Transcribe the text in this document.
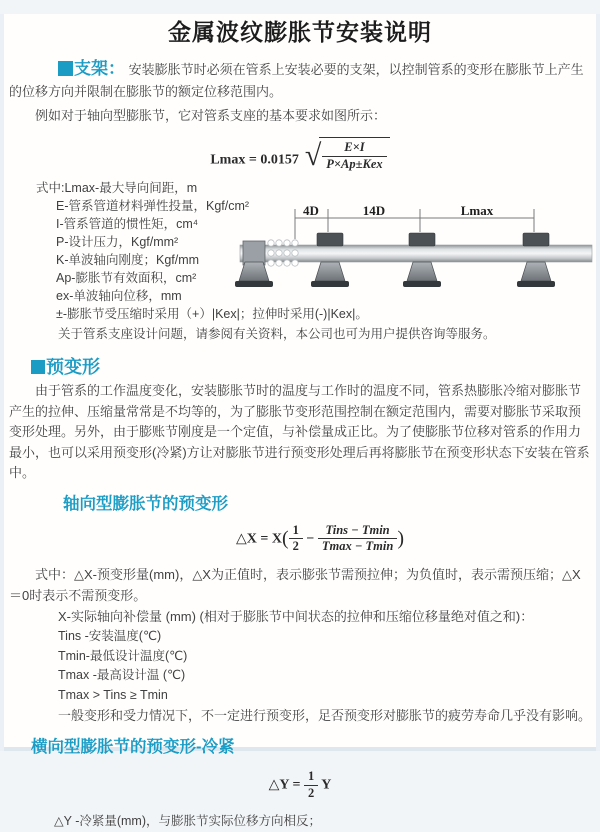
金属波纹膨胀节安装说明

支架： 安装膨胀节时必须在管系上安装必要的支架，以控制管系的变形在膨胀节上产生的位移方向并限制在膨胀节的额定位移范围内。

例如对于轴向型膨胀节，它对管系支座的基本要求如图所示：

Lmax = 0.0157 √ $\frac{E\times I}{\text{P×Ap±Kex}}$
式中:Lmax-最大导向间距，m
E-管系管道材料弹性投量，Kgf/cm²
I-管系管道的惯性矩，cm⁴
P-设计压力，Kgf/mm²
K-单波轴向刚度；Kgf/mm
Ap-膨胀节有效面积，cm²
ex-单波轴向位移，mm
±-膨胀节受压缩时采用（+）|Kex|；拉伸时采用(-)|Kex|。
关于管系支座设计问题，请参阅有关资料，本公司也可为用户提供咨询等服务。
预变形

由于管系的工作温度变化，安装膨胀节时的温度与工作时的温度不同，管系热膨胀冷缩对膨胀节产生的拉伸、压缩量常常是不均等的，为了膨胀节变形范围控制在额定范围内，需要对膨胀节采取预变形处理。另外，由于膨账节刚度是一个定值，与补偿量成正比。为了使膨胀节位移对管系的作用力最小，也可以采用预变形(冷紧)方让对膨胀节进行预变形处理后再将膨胀节在预变形状态下安装在管系中。

轴向型膨胀节的预变形
△X = $X( \frac{1}{2} - \frac{\text{Tins − Tmin}}{Tmax - Tmin}$ )

式中：△X-预变形量(mm)，△X为正值时，表示膨张节需预拉伸；为负值时，表示需预压缩；△X＝0时表示不需预变形。

X-实际轴向补偿量 (mm) (相对于膨胀节中间状态的拉伸和压缩位移量绝对值之和)：

Tins -安装温度(℃)
Tmin-最低设计温度(℃)
Tmax -最高设计温 (℃)
Tmax > Tins ≥ Tmin

一般变形和受力情况下，不一定进行预变形，足否预变形对膨胀节的疲劳寿命几乎没有影响。

横向型膨胀节的预变形-冷紧
△Y = $\frac{1}{2}$ Y

△Y -冷紧量(mm)，与膨胀节实际位移方向相反；

4D	14D	Lmax
